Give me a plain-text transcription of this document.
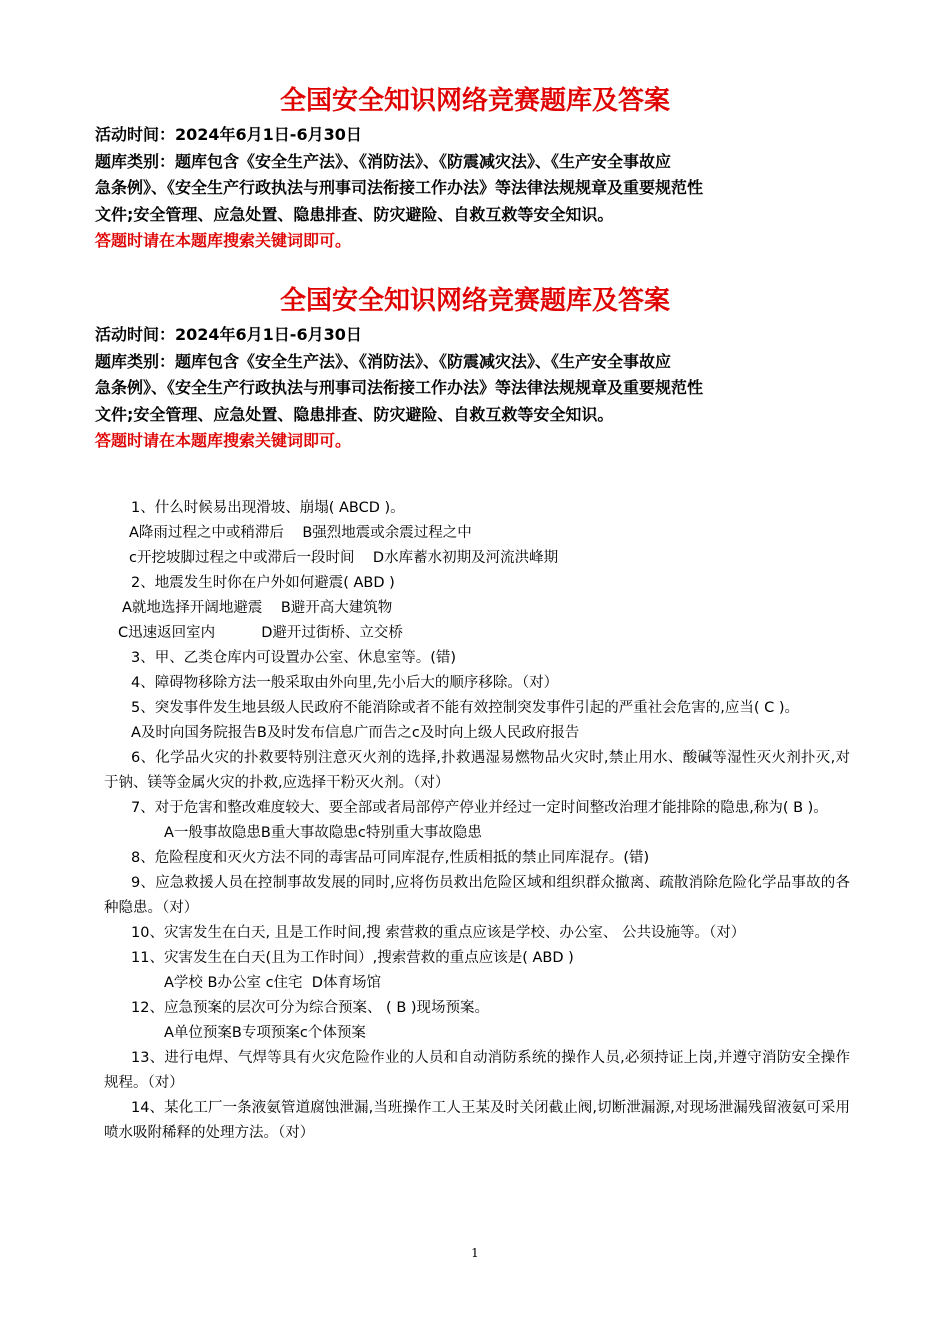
全国安全知识网络竞赛题库及答案

活动时间：2024年6月1日-6月30日

题库类别：题库包含《安全生产法》、《消防法》、《防震减灾法》、《生产安全事故应

急条例》、《安全生产行政执法与刑事司法衔接工作办法》等法律法规规章及重要规范性

文件;安全管理、应急处置、隐患排查、防灾避险、自救互救等安全知识。

答题时请在本题库搜索关键词即可。

全国安全知识网络竞赛题库及答案

活动时间：2024年6月1日-6月30日

题库类别：题库包含《安全生产法》、《消防法》、《防震减灾法》、《生产安全事故应

急条例》、《安全生产行政执法与刑事司法衔接工作办法》等法律法规规章及重要规范性

文件;安全管理、应急处置、隐患排查、防灾避险、自救互救等安全知识。

答题时请在本题库搜索关键词即可。

1、什么时候易出现滑坡、崩塌( ABCD )。

A降雨过程之中或稍滞后    B强烈地震或余震过程之中

c开挖坡脚过程之中或滞后一段时间    D水库蓄水初期及河流洪峰期

2、地震发生时你在户外如何避震( ABD )

A就地选择开阔地避震    B避开高大建筑物

C迅速返回室内          D避开过街桥、立交桥

3、甲、乙类仓库内可设置办公室、休息室等。(错)

4、障碍物移除方法一般采取由外向里,先小后大的顺序移除。（对）

5、突发事件发生地县级人民政府不能消除或者不能有效控制突发事件引起的严重社会危害的,应当( C )。

A及时向国务院报告B及时发布信息广而告之c及时向上级人民政府报告

6、化学品火灾的扑救要特别注意灭火剂的选择,扑救遇湿易燃物品火灾时,禁止用水、酸碱等湿性灭火剂扑灭,对于钠、镁等金属火灾的扑救,应选择干粉灭火剂。（对）

7、对于危害和整改难度较大、要全部或者局部停产停业并经过一定时间整改治理才能排除的隐患,称为( B )。

A一般事故隐患B重大事故隐患c特别重大事故隐患

8、危险程度和灭火方法不同的毒害品可同库混存,性质相抵的禁止同库混存。(错)

9、应急救援人员在控制事故发展的同时,应将伤员救出危险区域和组织群众撤离、疏散消除危险化学品事故的各种隐患。（对）

10、灾害发生在白天, 且是工作时间,搜 索营救的重点应该是学校、办公室、 公共设施等。（对）

11、灾害发生在白天(且为工作时间）,搜索营救的重点应该是( ABD )

A学校 B办公室 c住宅  D体育场馆

12、应急预案的层次可分为综合预案、 ( B )现场预案。

A单位预案B专项预案c个体预案

13、进行电焊、气焊等具有火灾危险作业的人员和自动消防系统的操作人员,必须持证上岗,并遵守消防安全操作规程。（对）

14、某化工厂一条液氨管道腐蚀泄漏,当班操作工人王某及时关闭截止阀,切断泄漏源,对现场泄漏残留液氨可采用喷水吸附稀释的处理方法。（对）

1
